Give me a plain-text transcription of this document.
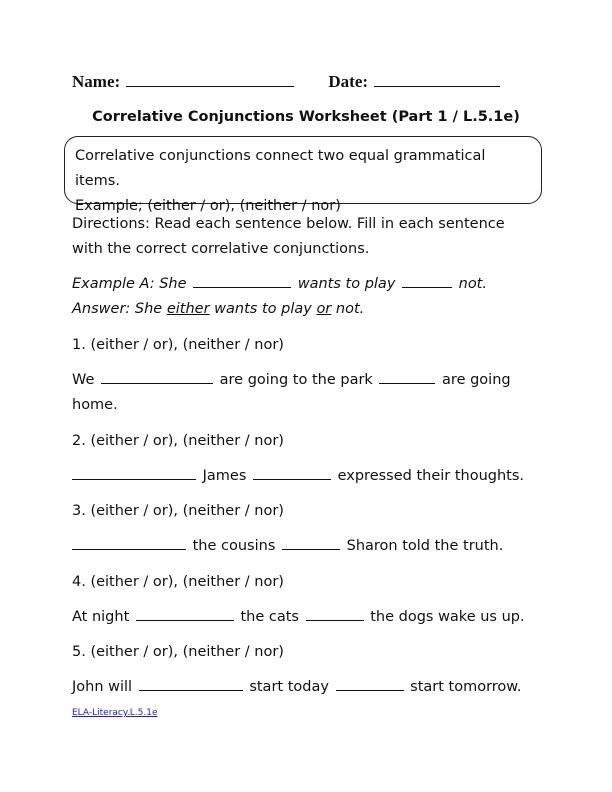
Name:	Date:
Correlative Conjunctions Worksheet (Part 1 / L.5.1e)
Correlative conjunctions connect two equal grammatical items.
Example; (either / or), (neither / nor)
Directions: Read each sentence below. Fill in each sentence
with the correct correlative conjunctions.
Example A: She	wants to play	not.
Answer: She either wants to play or not.
1. (either / or), (neither / nor)
We	are going to the park	are going
home.
2. (either / or), (neither / nor)
James	expressed their thoughts.
3. (either / or), (neither / nor)
the cousins	Sharon told the truth.
4. (either / or), (neither / nor)
At night	the cats	the dogs wake us up.
5. (either / or), (neither / nor)
John will	start today	start tomorrow.
ELA-Literacy.L.5.1e
